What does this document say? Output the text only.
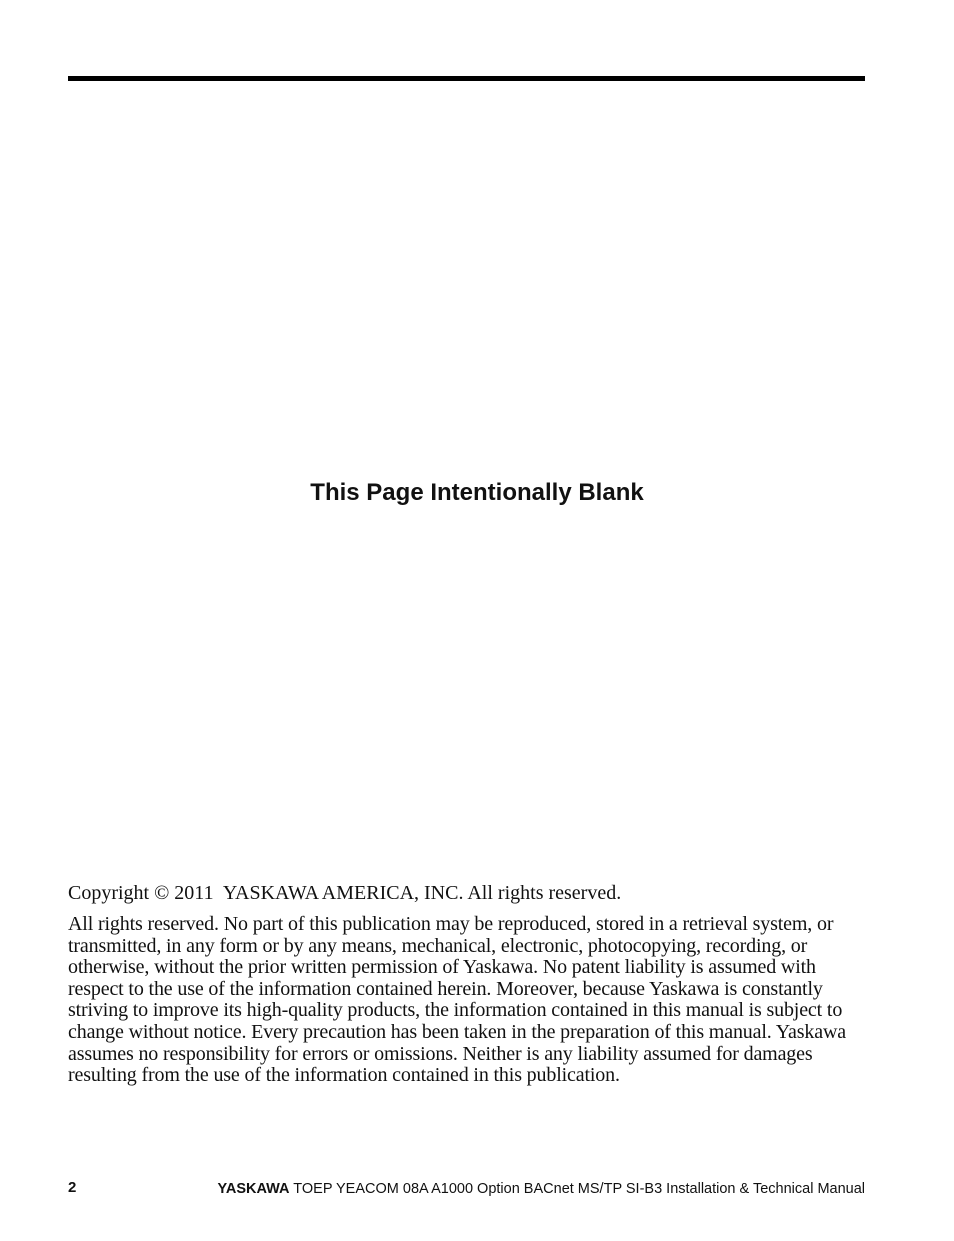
This Page Intentionally Blank
Copyright © 2011  YASKAWA AMERICA, INC. All rights reserved.
All rights reserved. No part of this publication may be reproduced, stored in a retrieval system, or transmitted, in any form or by any means, mechanical, electronic, photocopying, recording, or otherwise, without the prior written permission of Yaskawa. No patent liability is assumed with respect to the use of the information contained herein. Moreover, because Yaskawa is constantly striving to improve its high-quality products, the information contained in this manual is subject to change without notice. Every precaution has been taken in the preparation of this manual. Yaskawa assumes no responsibility for errors or omissions. Neither is any liability assumed for damages resulting from the use of the information contained in this publication.
2	YASKAWA TOEP YEACOM 08A A1000 Option BACnet MS/TP SI-B3 Installation & Technical Manual
